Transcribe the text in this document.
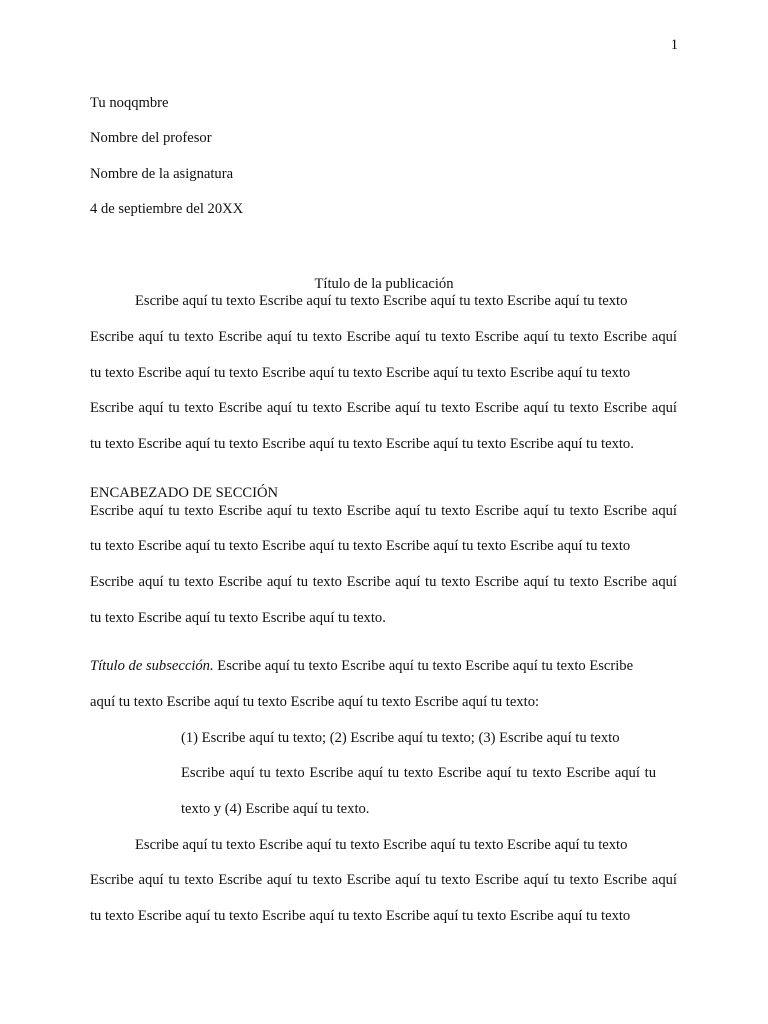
1
Tu noqqmbre
Nombre del profesor
Nombre de la asignatura
4 de septiembre del 20XX
Título de la publicación
Escribe aquí tu texto Escribe aquí tu texto Escribe aquí tu texto Escribe aquí tu texto
Escribe aquí tu texto Escribe aquí tu texto Escribe aquí tu texto Escribe aquí tu texto Escribe aquí
tu texto Escribe aquí tu texto Escribe aquí tu texto Escribe aquí tu texto Escribe aquí tu texto
Escribe aquí tu texto Escribe aquí tu texto Escribe aquí tu texto Escribe aquí tu texto Escribe aquí
tu texto Escribe aquí tu texto Escribe aquí tu texto Escribe aquí tu texto Escribe aquí tu texto.
ENCABEZADO DE SECCIÓN
Escribe aquí tu texto Escribe aquí tu texto Escribe aquí tu texto Escribe aquí tu texto Escribe aquí
tu texto Escribe aquí tu texto Escribe aquí tu texto Escribe aquí tu texto Escribe aquí tu texto
Escribe aquí tu texto Escribe aquí tu texto Escribe aquí tu texto Escribe aquí tu texto Escribe aquí
tu texto Escribe aquí tu texto Escribe aquí tu texto.
Título de subsección. Escribe aquí tu texto Escribe aquí tu texto Escribe aquí tu texto Escribe
aquí tu texto Escribe aquí tu texto Escribe aquí tu texto Escribe aquí tu texto:
(1) Escribe aquí tu texto; (2) Escribe aquí tu texto; (3) Escribe aquí tu texto
Escribe aquí tu texto Escribe aquí tu texto Escribe aquí tu texto Escribe aquí tu
texto y (4) Escribe aquí tu texto.
Escribe aquí tu texto Escribe aquí tu texto Escribe aquí tu texto Escribe aquí tu texto
Escribe aquí tu texto Escribe aquí tu texto Escribe aquí tu texto Escribe aquí tu texto Escribe aquí
tu texto Escribe aquí tu texto Escribe aquí tu texto Escribe aquí tu texto Escribe aquí tu texto
